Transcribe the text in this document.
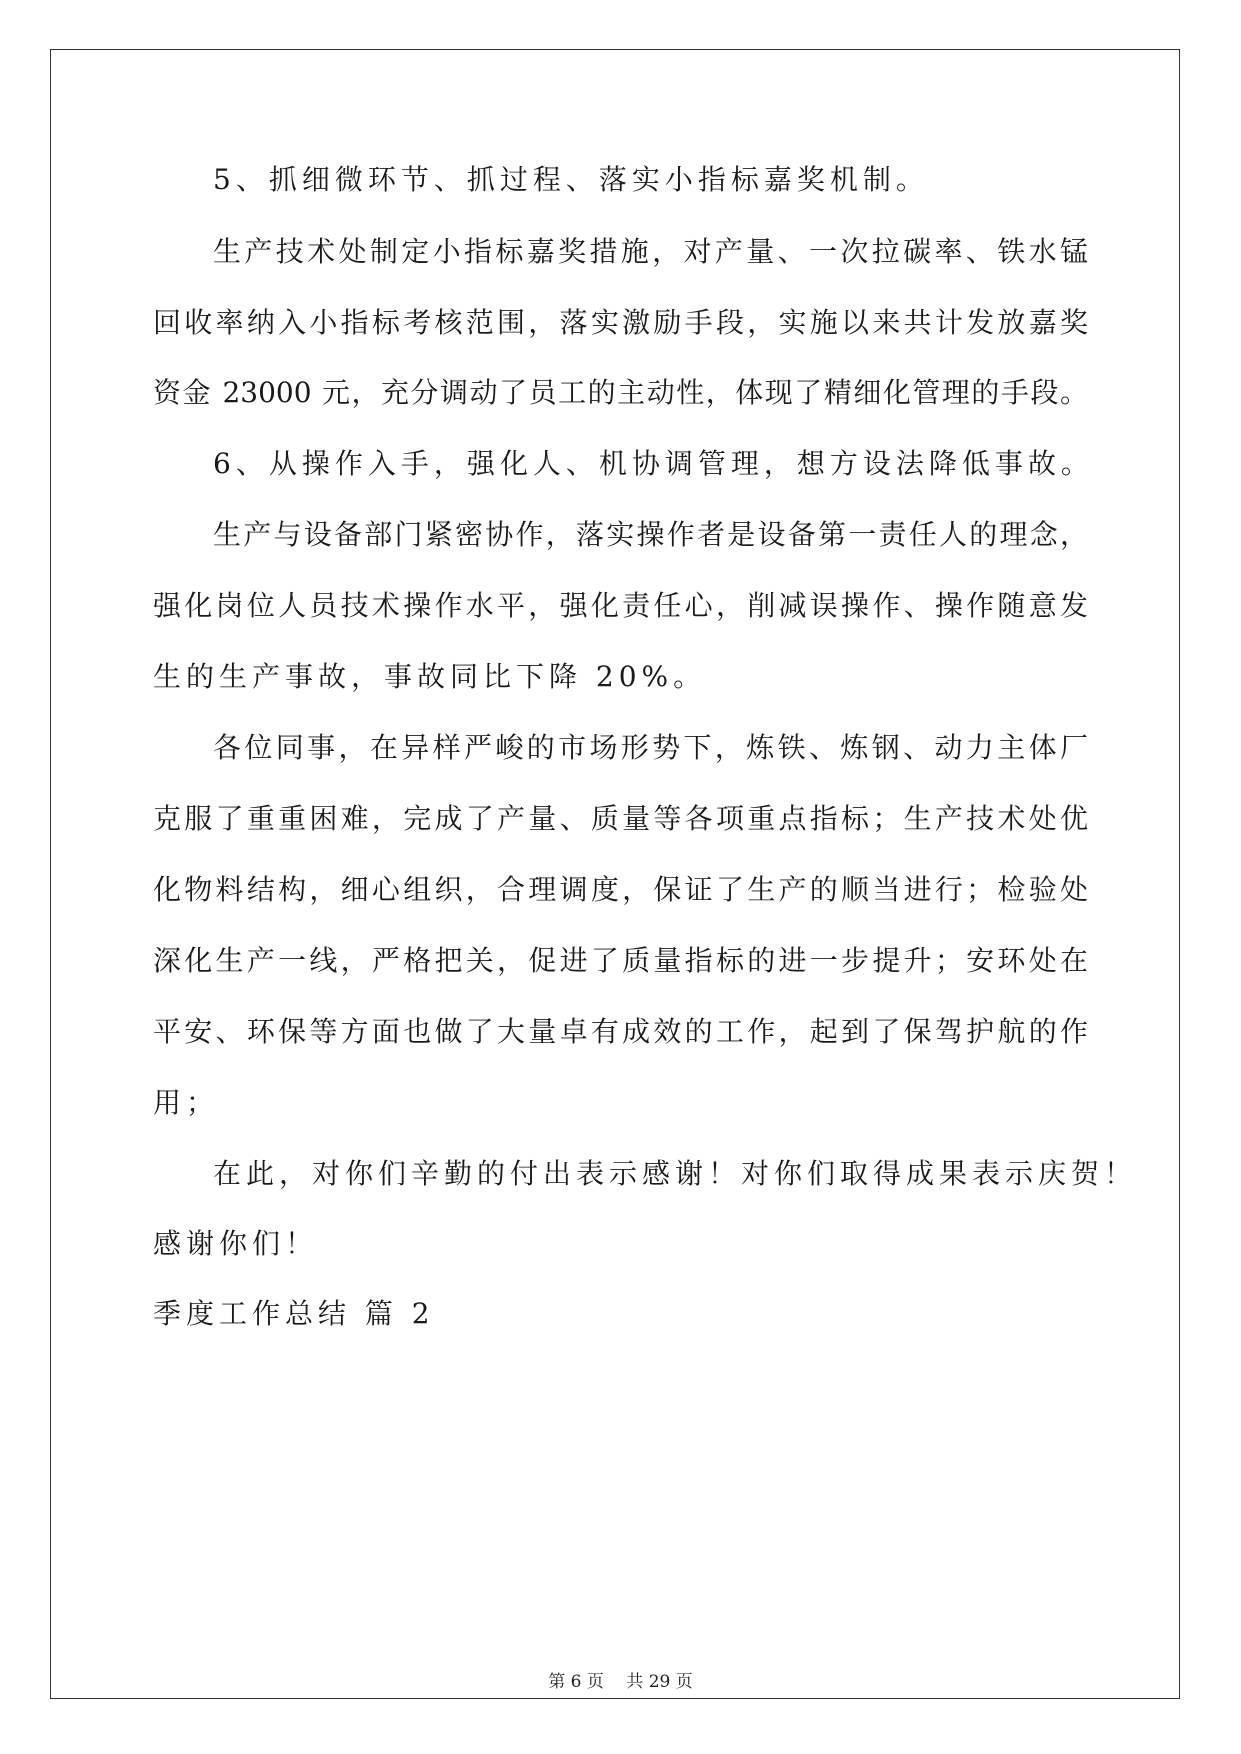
5、抓细微环节、抓过程、落实小指标嘉奖机制。
生产技术处制定小指标嘉奖措施，对产量、一次拉碳率、铁水锰
回收率纳入小指标考核范围，落实激励手段，实施以来共计发放嘉奖
资金 23000 元，充分调动了员工的主动性，体现了精细化管理的手段。
6、从操作入手，强化人、机协调管理，想方设法降低事故。
生产与设备部门紧密协作，落实操作者是设备第一责任人的理念，
强化岗位人员技术操作水平，强化责任心，削减误操作、操作随意发
生的生产事故，事故同比下降 20%。
各位同事，在异样严峻的市场形势下，炼铁、炼钢、动力主体厂
克服了重重困难，完成了产量、质量等各项重点指标；生产技术处优
化物料结构，细心组织，合理调度，保证了生产的顺当进行；检验处
深化生产一线，严格把关，促进了质量指标的进一步提升；安环处在
平安、环保等方面也做了大量卓有成效的工作，起到了保驾护航的作
用；
在此，对你们辛勤的付出表示感谢！对你们取得成果表示庆贺！
感谢你们！
季度工作总结 篇 2
第 6 页　 共 29 页
